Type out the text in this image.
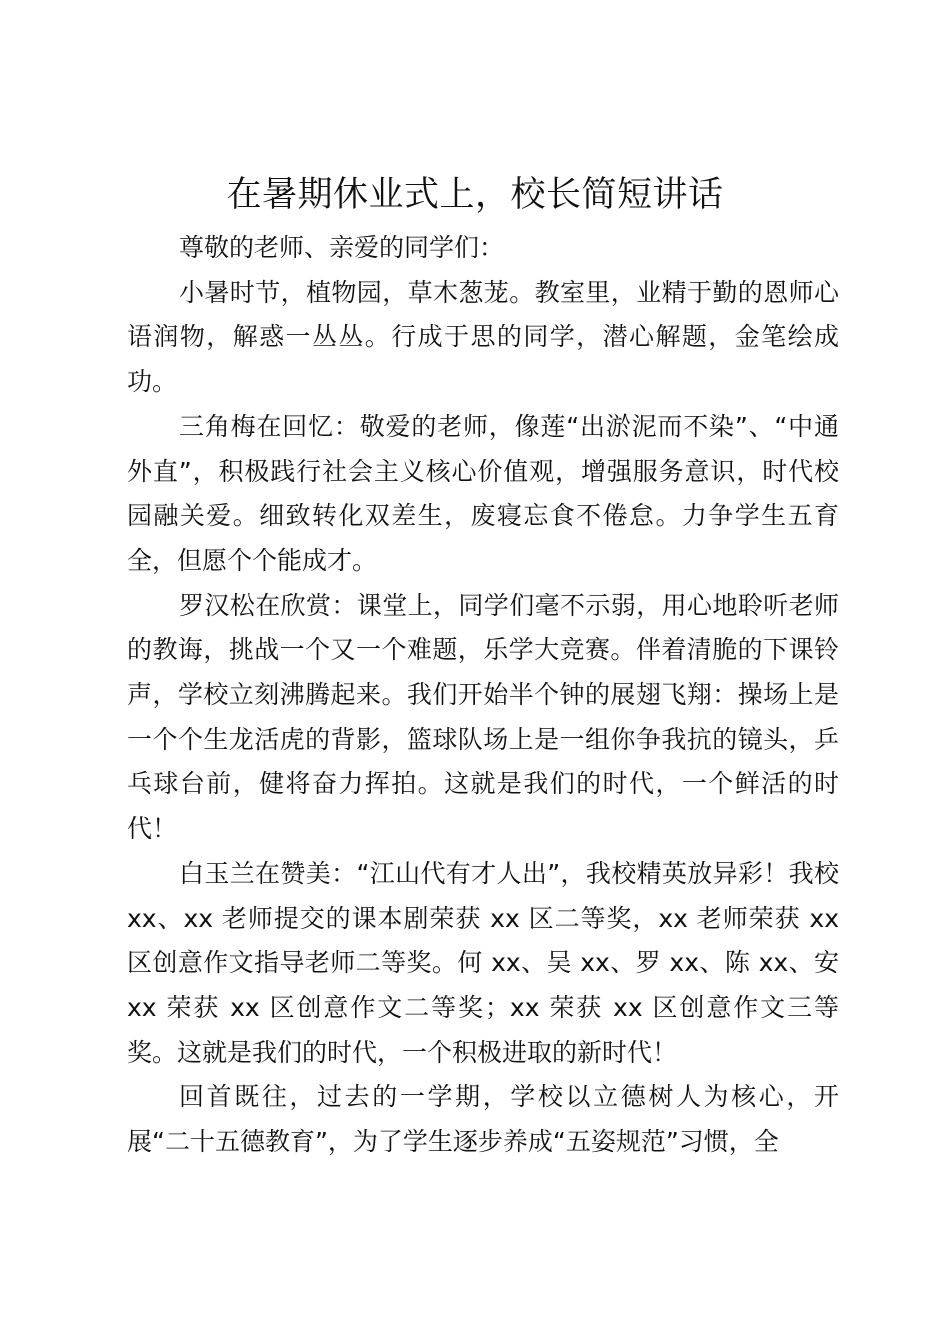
在暑期休业式上，校长简短讲话

尊敬的老师、亲爱的同学们：

小暑时节，植物园，草木葱茏。教室里，业精于勤的恩师心语润物，解惑一丛丛。行成于思的同学，潜心解题，金笔绘成功。

三角梅在回忆：敬爱的老师，像莲“出淤泥而不染”、“中通外直”，积极践行社会主义核心价值观，增强服务意识，时代校园融关爱。细致转化双差生，废寝忘食不倦怠。力争学生五育全，但愿个个能成才。

罗汉松在欣赏：课堂上，同学们毫不示弱，用心地聆听老师的教诲，挑战一个又一个难题，乐学大竞赛。伴着清脆的下课铃声，学校立刻沸腾起来。我们开始半个钟的展翅飞翔：操场上是一个个生龙活虎的背影，篮球队场上是一组你争我抗的镜头，乒乓球台前，健将奋力挥拍。这就是我们的时代，一个鲜活的时代！

白玉兰在赞美：“江山代有才人出”，我校精英放异彩！我校 xx、xx 老师提交的课本剧荣获 xx 区二等奖，xx 老师荣获 xx 区创意作文指导老师二等奖。何 xx、吴 xx、罗 xx、陈 xx、安 xx 荣获 xx 区创意作文二等奖；xx 荣获 xx 区创意作文三等奖。这就是我们的时代，一个积极进取的新时代！

回首既往，过去的一学期，学校以立德树人为核心，开展“二十五德教育”，为了学生逐步养成“五姿规范”习惯，全
